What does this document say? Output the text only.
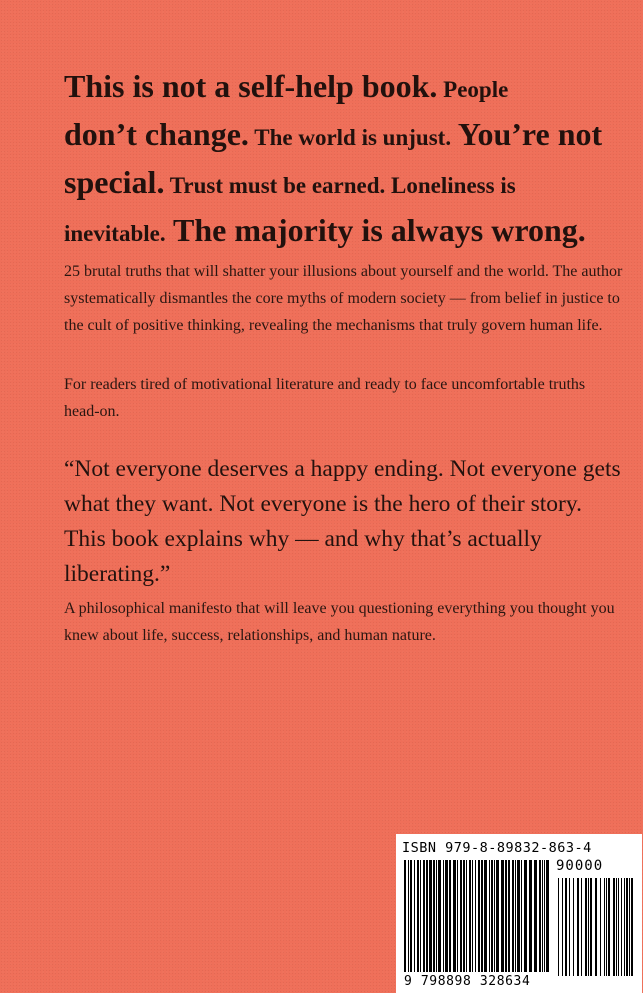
This is not a self-help book. People
don’t change. The world is unjust. You’re not
special. Trust must be earned. Loneliness is
inevitable. The majority is always wrong.

25 brutal truths that will shatter your illusions about yourself and the world. The author systematically dismantles the core myths of modern society — from belief in justice to the cult of positive thinking, revealing the mechanisms that truly govern human life.

For readers tired of motivational literature and ready to face uncomfortable truths head-on.

“Not everyone deserves a happy ending. Not everyone gets what they want. Not everyone is the hero of their story. This book explains why — and why that’s actually liberating.”

A philosophical manifesto that will leave you questioning everything you thought you knew about life, success, relationships, and human nature.

ISBN 979-8-89832-863-4
90000
9 798898 328634
